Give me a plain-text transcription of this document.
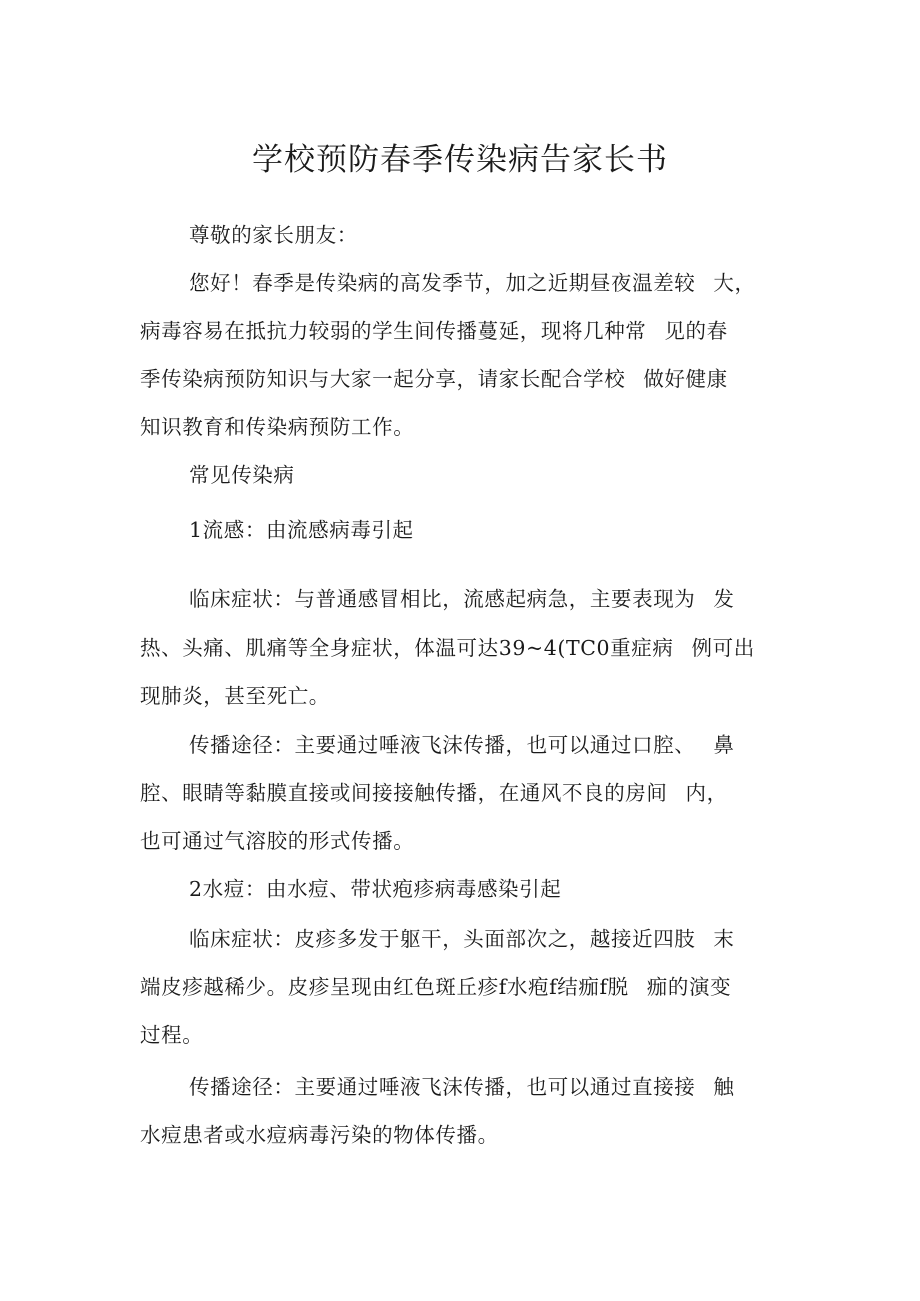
学校预防春季传染病告家长书
尊敬的家长朋友：
您好！春季是传染病的高发季节，加之近期昼夜温差较 大，
病毒容易在抵抗力较弱的学生间传播蔓延，现将几种常 见的春
季传染病预防知识与大家一起分享，请家长配合学校 做好健康
知识教育和传染病预防工作。
常见传染病
1流感：由流感病毒引起
临床症状：与普通感冒相比，流感起病急，主要表现为 发
热、头痛、肌痛等全身症状，体温可达39~4(TC0重症病 例可出
现肺炎，甚至死亡。
传播途径：主要通过唾液飞沫传播，也可以通过口腔、 鼻
腔、眼睛等黏膜直接或间接接触传播，在通风不良的房间 内，
也可通过气溶胶的形式传播。
2水痘：由水痘、带状疱疹病毒感染引起
临床症状：皮疹多发于躯干，头面部次之，越接近四肢 末
端皮疹越稀少。皮疹呈现由红色斑丘疹f水疱f结痂f脱 痂的演变
过程。
传播途径：主要通过唾液飞沫传播，也可以通过直接接 触
水痘患者或水痘病毒污染的物体传播。
